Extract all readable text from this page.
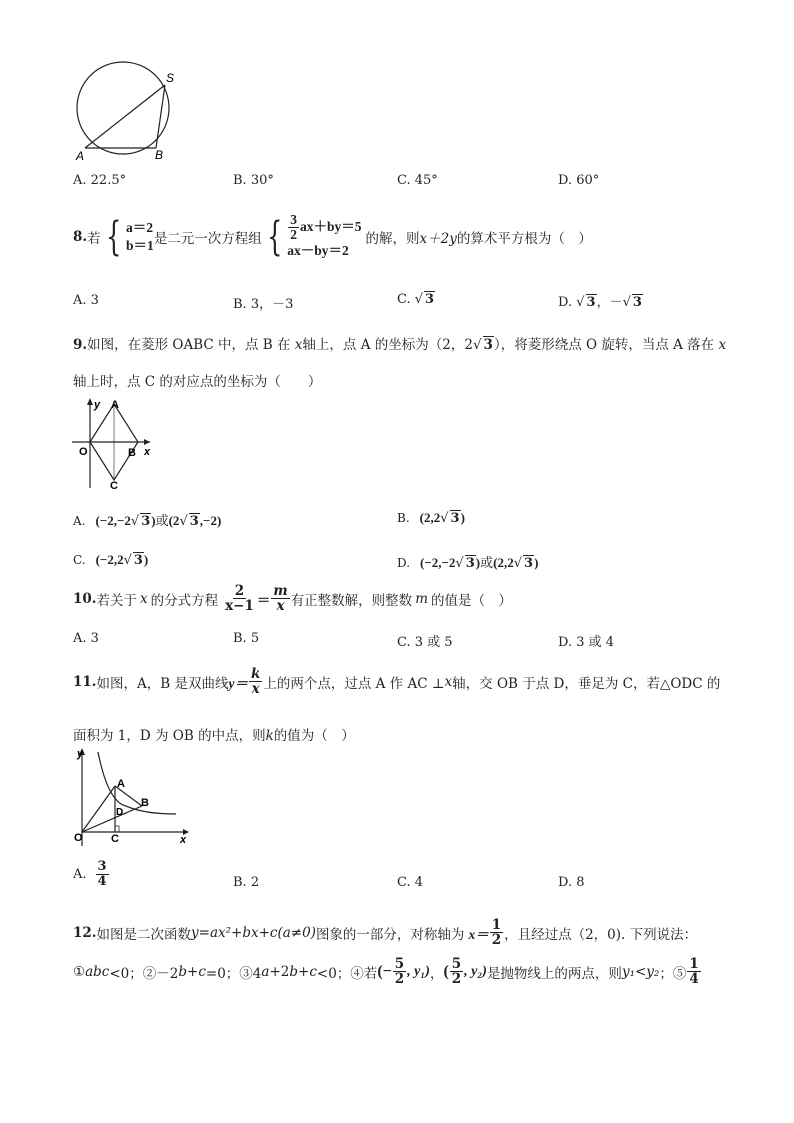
S
A	B
A. 22.5°	B. 30°	C. 45°	D. 60°
8. 若 { a＝2
b＝1 是二元一次方程组 { $\frac{3}{2} ax+by=5$
ax－by＝2
的解，则 x＋2y 的算术平方根为（　）
A. 3	B. 3，－3	C. √ 3	D. √ 3，－√ 3
9.如图，在菱形 OABC 中，点 B 在 x轴上，点 A 的坐标为（2，2√ 3），将菱形绕点 O 旋转，当点 A 落在 x
轴上时，点 C 的对应点的坐标为（　　）
y A
O	B x
C
A. (−2,−2√ 3)或(2√ 3,−2)	B. (2,2√ 3)
C. (−2,2√ 3)	D. (−2,−2√ 3)或(2,2√ 3)
10. 若关于 x 的分式方程 $\frac{2}{x-1} = \frac{m}{x}$ 有正整数解，则整数 m 的值是（　）
A. 3	B. 5	C. 3 或 5	D. 3 或 4
11. 如图，A，B 是双曲线 $y= \frac{k}{x}$ 上的两个点，过点 A 作 AC ⊥ x 轴，交 OB 于点 D，垂足为 C，若△ODC 的
面积为 1，D 为 OB 的中点，则k的值为（　）
y
A
D
B
O	C	x
A. $\frac{3}{4}$	B. 2	C. 4	D. 8
12. 如图是二次函数 y=ax²+bx+c(a≠0) 图象的一部分，对称轴为 $x= \frac{1}{2}$ ，且经过点（2，0). 下列说法：
① abc <0；②－2 b + c =0；③4 a +2 b + c <0；④若 (− $\frac{5}{2}$ , y₁) ， ( $\frac{5}{2}$ , y₂) 是抛物线上的两点，则 y₁<y₂ ；⑤ $\frac{1}{4}$
